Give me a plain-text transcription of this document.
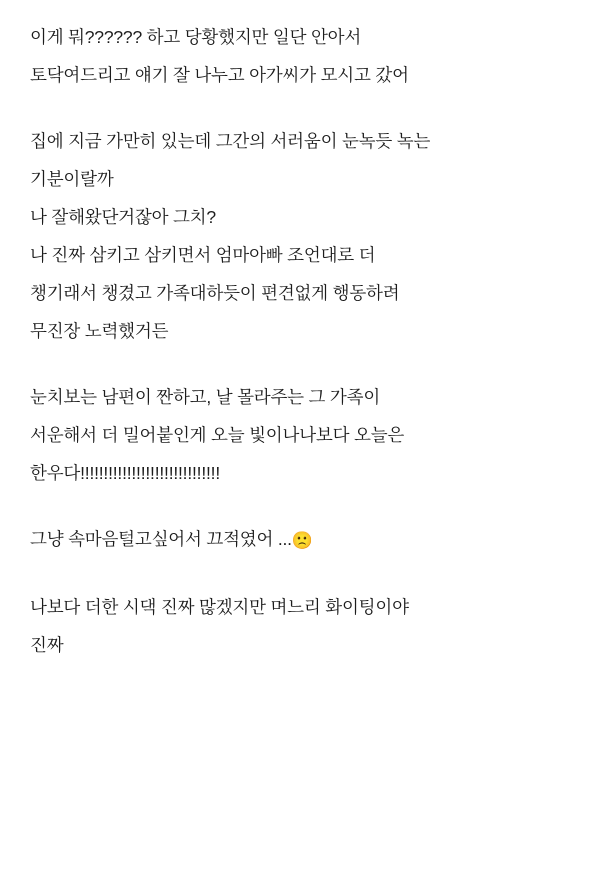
이게 뭐?????? 하고 당황했지만 일단 안아서
토닥여드리고 얘기 잘 나누고 아가씨가 모시고 갔어
집에 지금 가만히 있는데 그간의 서러움이 눈녹듯 녹는
기분이랄까
나 잘해왔단거잖아 그치?
나 진짜 삼키고 삼키면서 엄마아빠 조언대로 더
챙기래서 챙겼고 가족대하듯이 편견없게 행동하려
무진장 노력했거든
눈치보는 남편이 짠하고, 날 몰라주는 그 가족이
서운해서 더 밀어붙인게 오늘 빛이나나보다 오늘은
한우다!!!!!!!!!!!!!!!!!!!!!!!!!!!!!!
그냥 속마음털고싶어서 끄적였어 ...🙁
나보다 더한 시댁 진짜 많겠지만 며느리 화이팅이야
진짜
